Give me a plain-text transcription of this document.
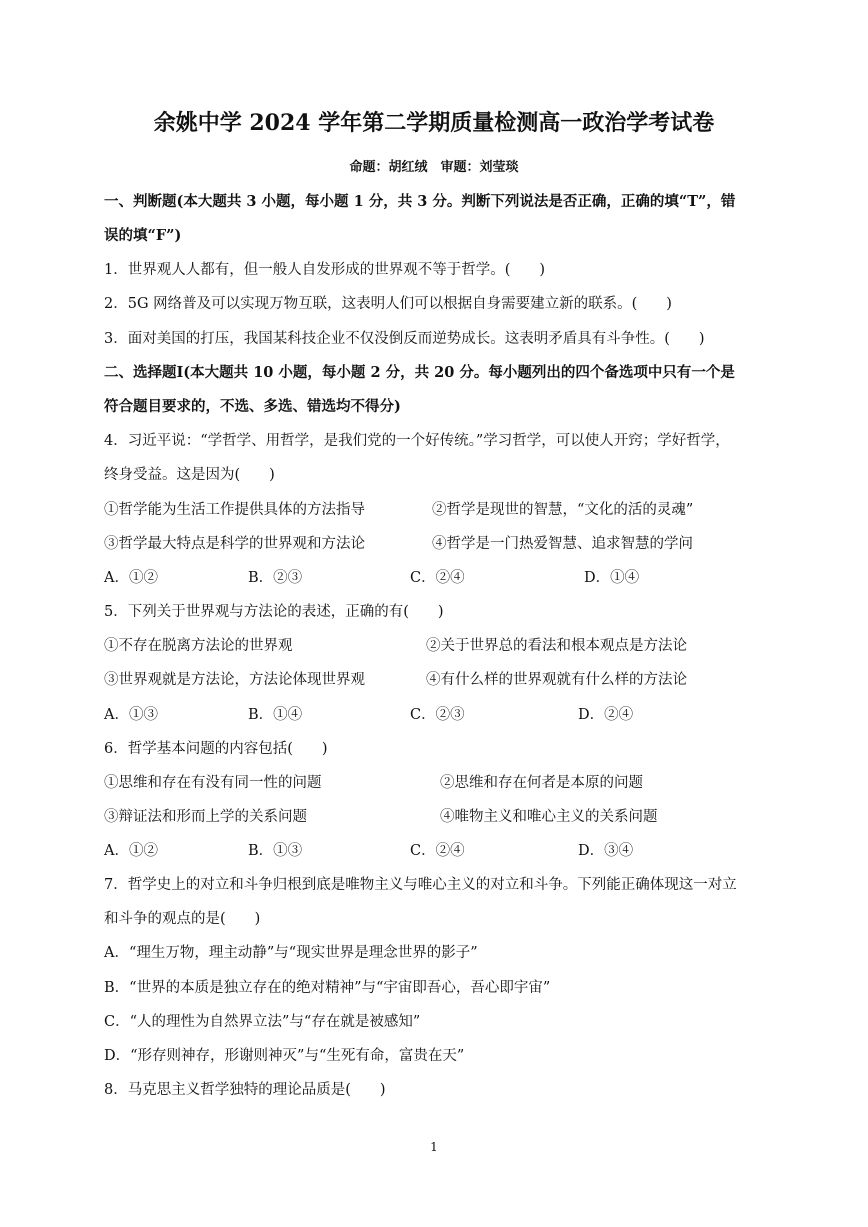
余姚中学 2024 学年第二学期质量检测高一政治学考试卷
命题：胡红绒　审题：刘莹琰
一、判断题(本大题共 3 小题，每小题 1 分，共 3 分。判断下列说法是否正确，正确的填“T”，错
误的填“F”)
1．世界观人人都有，但一般人自发形成的世界观不等于哲学。(　　)
2．5G 网络普及可以实现万物互联，这表明人们可以根据自身需要建立新的联系。(　　)
3．面对美国的打压，我国某科技企业不仅没倒反而逆势成长。这表明矛盾具有斗争性。(　　)
二、选择题Ⅰ(本大题共 10 小题，每小题 2 分，共 20 分。每小题列出的四个备选项中只有一个是
符合题目要求的，不选、多选、错选均不得分)
4．习近平说：“学哲学、用哲学，是我们党的一个好传统。”学习哲学，可以使人开窍；学好哲学，
终身受益。这是因为(　　)
①哲学能为生活工作提供具体的方法指导	②哲学是现世的智慧，“文化的活的灵魂”
③哲学最大特点是科学的世界观和方法论	④哲学是一门热爱智慧、追求智慧的学问
A．①②	B．②③	C．②④	D．①④
5．下列关于世界观与方法论的表述，正确的有(　　)
①不存在脱离方法论的世界观	②关于世界总的看法和根本观点是方法论
③世界观就是方法论，方法论体现世界观	④有什么样的世界观就有什么样的方法论
A．①③	B．①④	C．②③	D．②④
6．哲学基本问题的内容包括(　　)
①思维和存在有没有同一性的问题	②思维和存在何者是本原的问题
③辩证法和形而上学的关系问题	④唯物主义和唯心主义的关系问题
A．①②	B．①③	C．②④	D．③④
7．哲学史上的对立和斗争归根到底是唯物主义与唯心主义的对立和斗争。下列能正确体现这一对立
和斗争的观点的是(　　)
A．“理生万物，理主动静”与“现实世界是理念世界的影子”
B．“世界的本质是独立存在的绝对精神”与“宇宙即吾心，吾心即宇宙”
C．“人的理性为自然界立法”与“存在就是被感知”
D．“形存则神存，形谢则神灭”与“生死有命，富贵在天”
8．马克思主义哲学独特的理论品质是(　　)
1
